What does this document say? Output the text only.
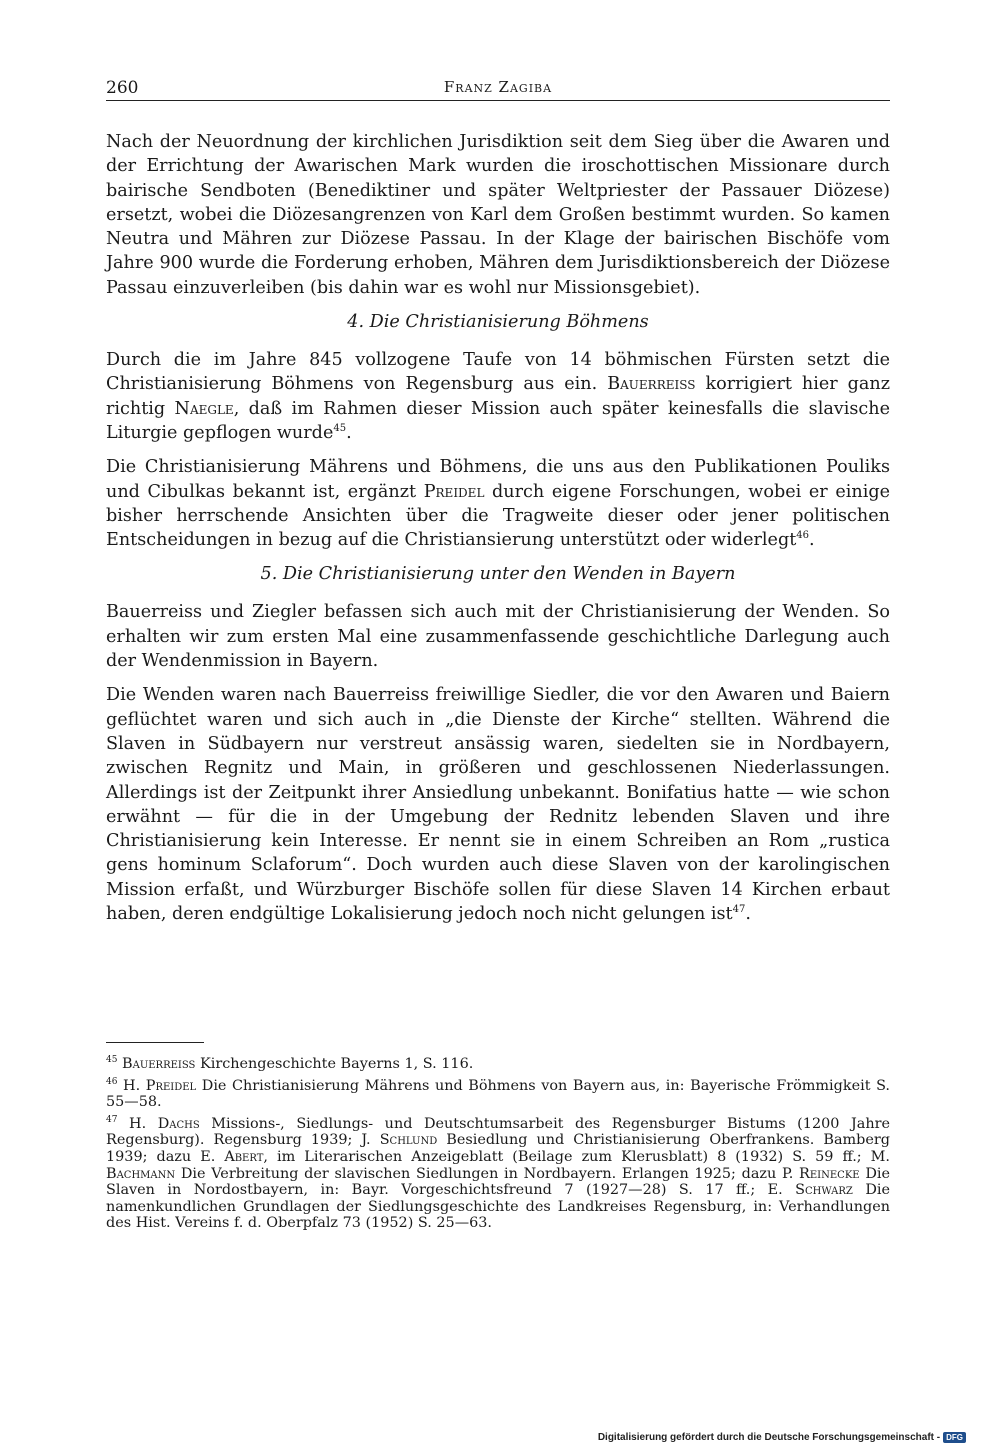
260	Franz Zagiba

Nach der Neuordnung der kirchlichen Jurisdiktion seit dem Sieg über die Awaren und der Errichtung der Awarischen Mark wurden die iroschottischen Missionare durch bairische Sendboten (Benediktiner und später Weltpriester der Passauer Diözese) ersetzt, wobei die Diözesangrenzen von Karl dem Großen bestimmt wurden. So kamen Neutra und Mähren zur Diözese Passau. In der Klage der bairischen Bischöfe vom Jahre 900 wurde die Forderung erhoben, Mähren dem Jurisdiktionsbereich der Diözese Passau einzuverleiben (bis dahin war es wohl nur Missionsgebiet).

4. Die Christianisierung Böhmens

Durch die im Jahre 845 vollzogene Taufe von 14 böhmischen Fürsten setzt die Christianisierung Böhmens von Regensburg aus ein. Bauerreiss korrigiert hier ganz richtig Naegle, daß im Rahmen dieser Mission auch später keinesfalls die slavische Liturgie gepflogen wurde$^{45}$.

Die Christianisierung Mährens und Böhmens, die uns aus den Publikationen Pouliks und Cibulkas bekannt ist, ergänzt Preidel durch eigene Forschungen, wobei er einige bisher herrschende Ansichten über die Tragweite dieser oder jener politischen Entscheidungen in bezug auf die Christiansierung unterstützt oder widerlegt$^{46}$.

5. Die Christianisierung unter den Wenden in Bayern

Bauerreiss und Ziegler befassen sich auch mit der Christianisierung der Wenden. So erhalten wir zum ersten Mal eine zusammenfassende geschichtliche Darlegung auch der Wendenmission in Bayern.

Die Wenden waren nach Bauerreiss freiwillige Siedler, die vor den Awaren und Baiern geflüchtet waren und sich auch in „die Dienste der Kirche“ stellten. Während die Slaven in Südbayern nur verstreut ansässig waren, siedelten sie in Nordbayern, zwischen Regnitz und Main, in größeren und geschlossenen Niederlassungen. Allerdings ist der Zeitpunkt ihrer Ansiedlung unbekannt. Bonifatius hatte — wie schon erwähnt — für die in der Umgebung der Rednitz lebenden Slaven und ihre Christianisierung kein Interesse. Er nennt sie in einem Schreiben an Rom „rustica gens hominum Sclaforum“. Doch wurden auch diese Slaven von der karolingischen Mission erfaßt, und Würzburger Bischöfe sollen für diese Slaven 14 Kirchen erbaut haben, deren endgültige Lokalisierung jedoch noch nicht gelungen ist$^{47}$.

$^{45}$ Bauerreiss Kirchengeschichte Bayerns 1, S. 116.

$^{46}$ H. Preidel Die Christianisierung Mährens und Böhmens von Bayern aus, in: Bayerische Frömmigkeit S. 55—58.

$^{47}$ H. Dachs Missions-, Siedlungs- und Deutschtumsarbeit des Regensburger Bistums (1200 Jahre Regensburg). Regensburg 1939; J. Schlund Besiedlung und Christianisierung Oberfrankens. Bamberg 1939; dazu E. Abert, im Literarischen Anzeigeblatt (Beilage zum Klerusblatt) 8 (1932) S. 59 ff.; M. Bachmann Die Verbreitung der slavischen Siedlungen in Nordbayern. Erlangen 1925; dazu P. Reinecke Die Slaven in Nordostbayern, in: Bayr. Vorgeschichtsfreund 7 (1927—28) S. 17 ff.; E. Schwarz Die namenkundlichen Grundlagen der Siedlungsgeschichte des Landkreises Regensburg, in: Verhandlungen des Hist. Vereins f. d. Oberpfalz 73 (1952) S. 25—63.

Digitalisierung gefördert durch die Deutsche Forschungsgemeinschaft - DFG
